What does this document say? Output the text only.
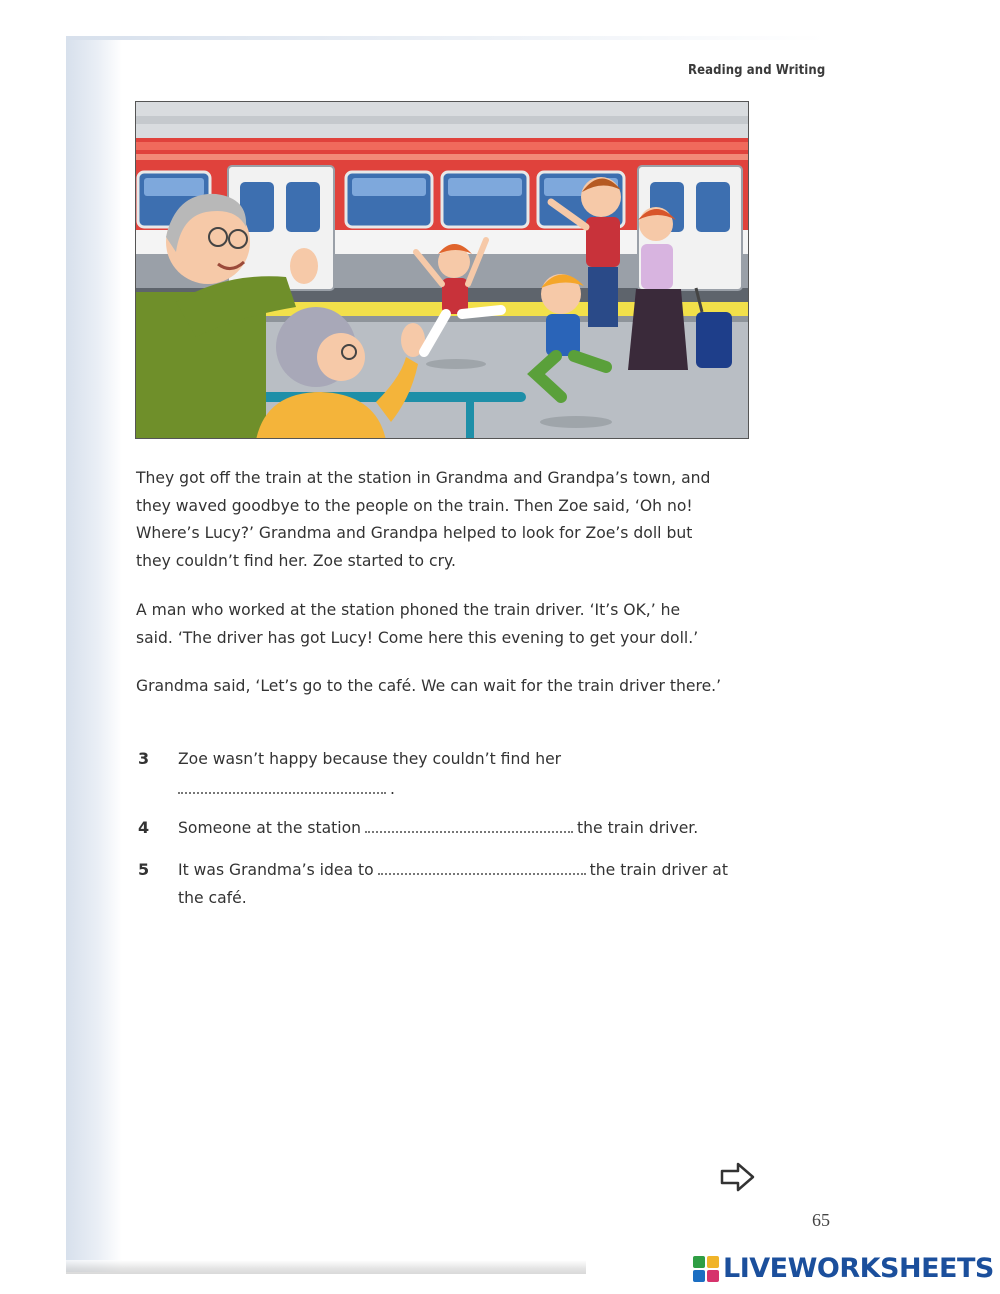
Reading and Writing
They got off the train at the station in Grandma and Grandpa’s town, and
they waved goodbye to the people on the train. Then Zoe said, ‘Oh no!
Where’s Lucy?’ Grandma and Grandpa helped to look for Zoe’s doll but
they couldn’t find her. Zoe started to cry.
A man who worked at the station phoned the train driver. ‘It’s OK,’ he
said. ‘The driver has got Lucy! Come here this evening to get your doll.’
Grandma said, ‘Let’s go to the café. We can wait for the train driver there.’
3 Zoe wasn’t happy because they couldn’t find her
.
4 Someone at the station	the train driver.
5 It was Grandma’s idea to	the train driver at
the café.
65
LIVEWORKSHEETS
